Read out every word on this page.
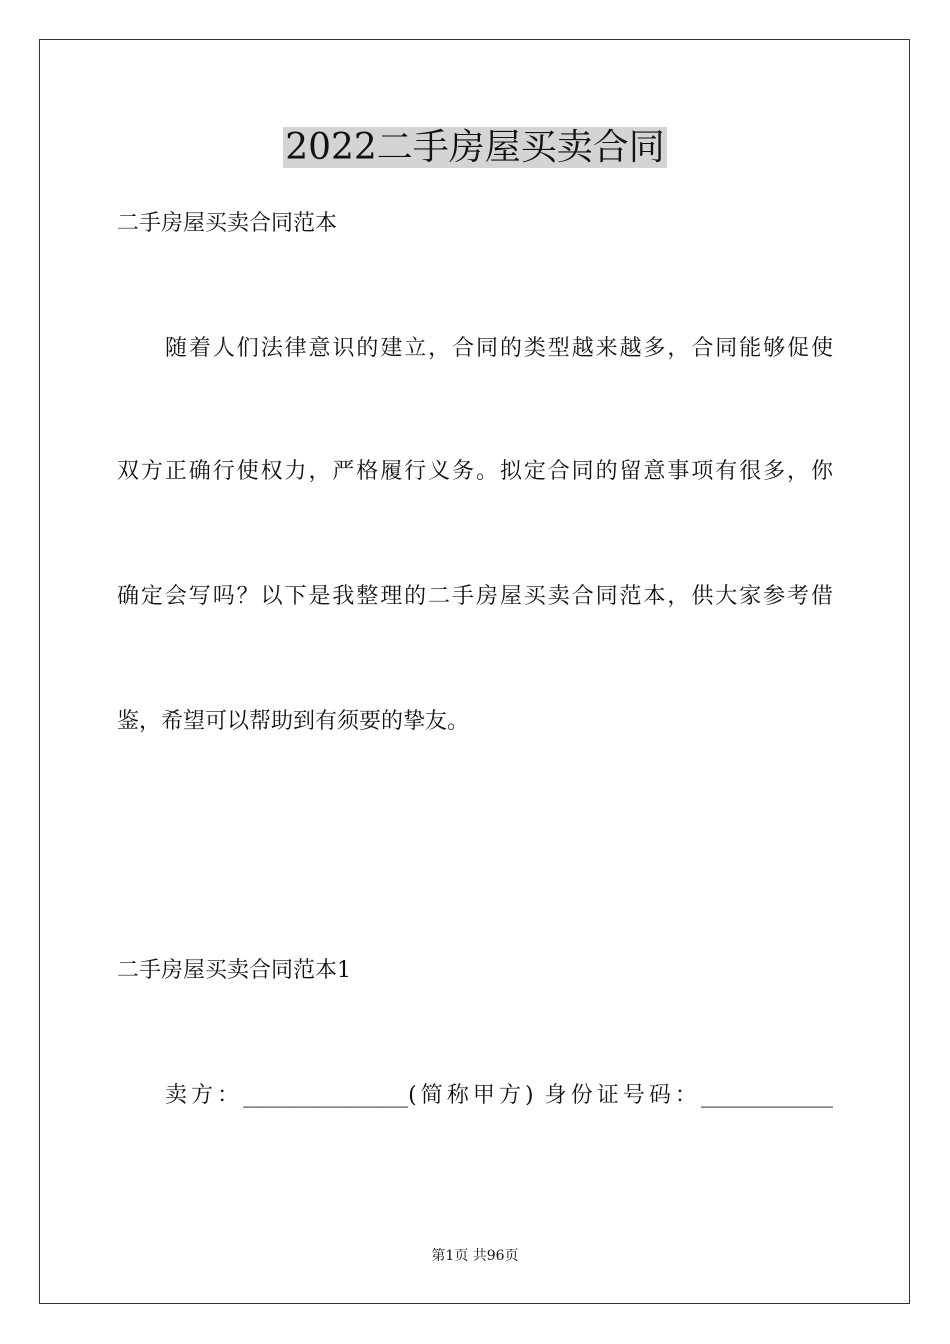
2022二手房屋买卖合同

二手房屋买卖合同范本

随着人们法律意识的建立，合同的类型越来越多，合同能够促使

双方正确行使权力，严格履行义务。拟定合同的留意事项有很多，你

确定会写吗？以下是我整理的二手房屋买卖合同范本，供大家参考借

鉴，希望可以帮助到有须要的挚友。

二手房屋买卖合同范本1

卖方：_______________(简称甲方) 身份证号码：____________

第1页 共96页
